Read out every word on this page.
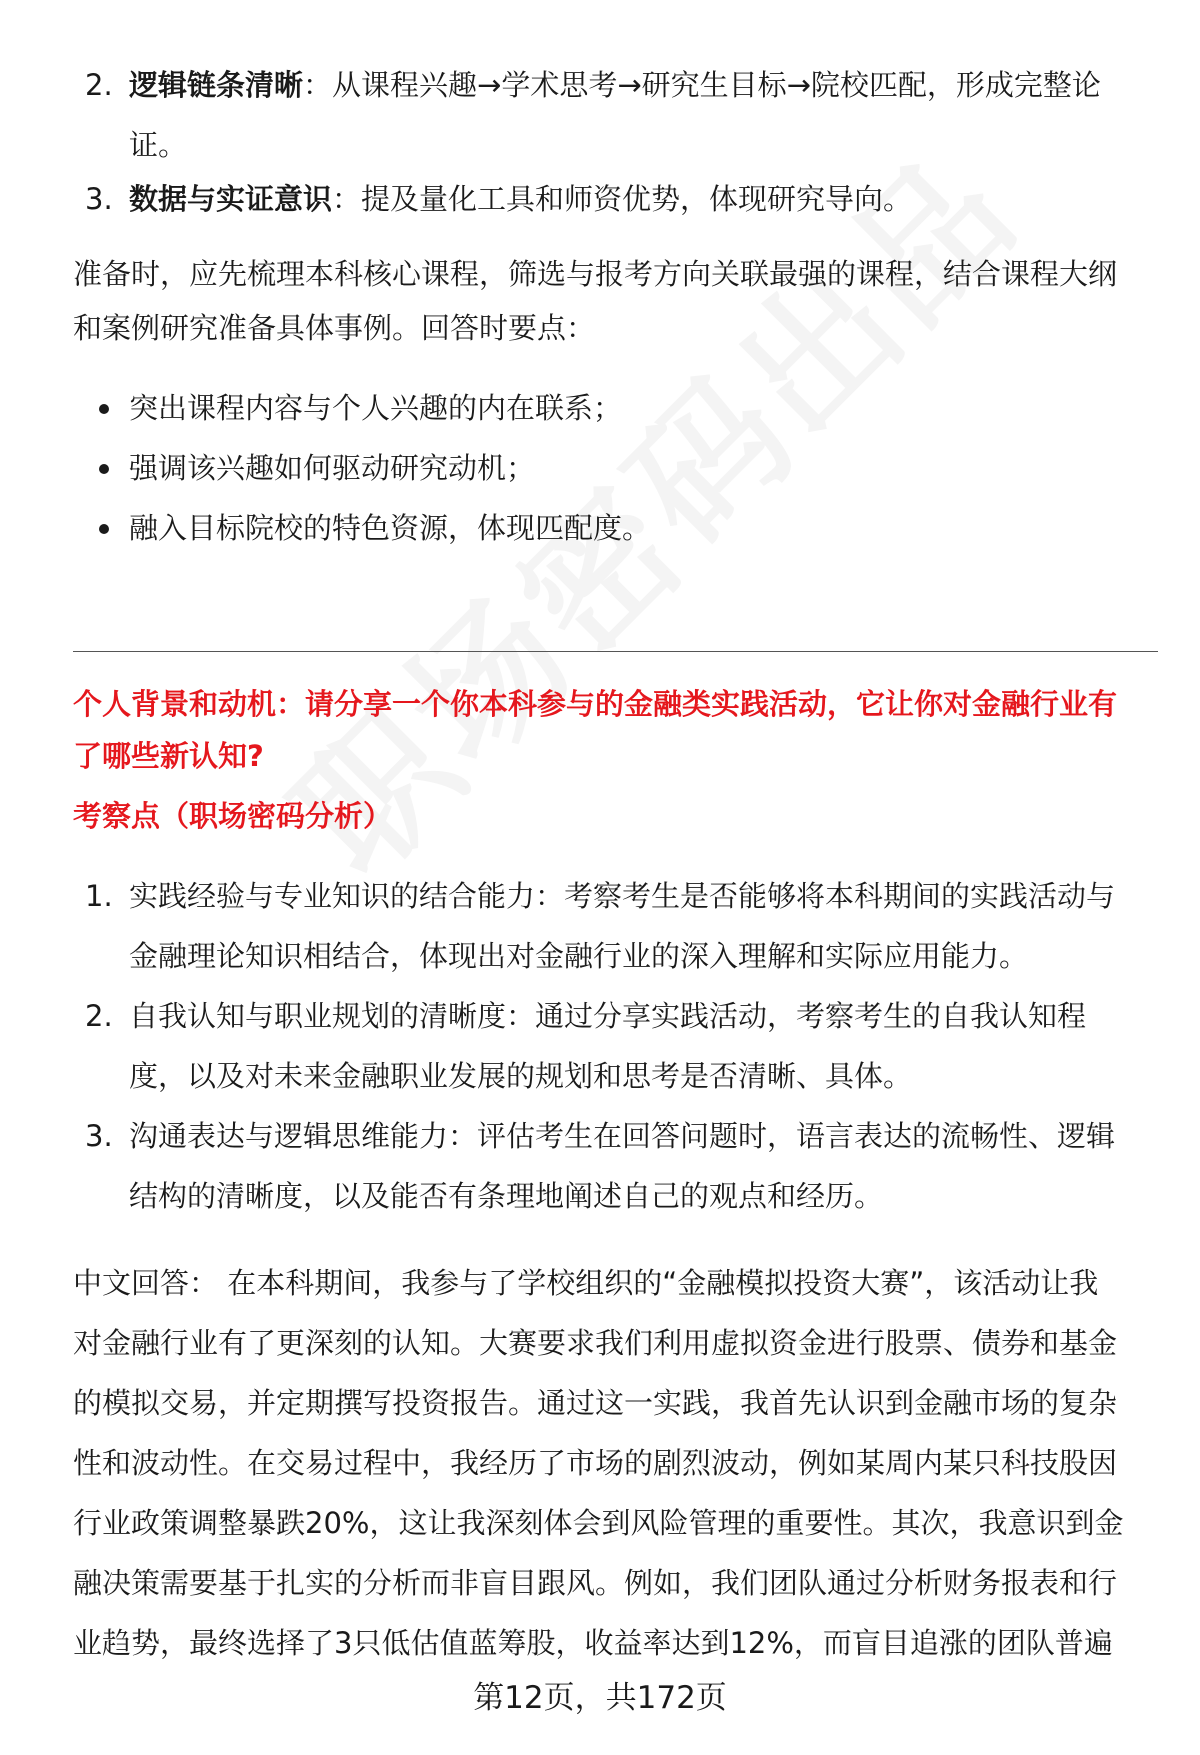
2. 逻辑链条清晰：从课程兴趣→学术思考→研究生目标→院校匹配，形成完整论
证。
3. 数据与实证意识：提及量化工具和师资优势，体现研究导向。

准备时，应先梳理本科核心课程，筛选与报考方向关联最强的课程，结合课程大纲

和案例研究准备具体事例。回答时要点：

突出课程内容与个人兴趣的内在联系；
强调该兴趣如何驱动研究动机；
融入目标院校的特色资源，体现匹配度。

个人背景和动机：请分享一个你本科参与的金融类实践活动，它让你对金融行业有

了哪些新认知?

考察点（职场密码分析）

1. 实践经验与专业知识的结合能力：考察考生是否能够将本科期间的实践活动与
金融理论知识相结合，体现出对金融行业的深入理解和实际应用能力。
2. 自我认知与职业规划的清晰度：通过分享实践活动，考察考生的自我认知程
度，以及对未来金融职业发展的规划和思考是否清晰、具体。
3. 沟通表达与逻辑思维能力：评估考生在回答问题时，语言表达的流畅性、逻辑
结构的清晰度，以及能否有条理地阐述自己的观点和经历。

中文回答： 在本科期间，我参与了学校组织的“金融模拟投资大赛”，该活动让我

对金融行业有了更深刻的认知。大赛要求我们利用虚拟资金进行股票、债券和基金

的模拟交易，并定期撰写投资报告。通过这一实践，我首先认识到金融市场的复杂

性和波动性。在交易过程中，我经历了市场的剧烈波动，例如某周内某只科技股因

行业政策调整暴跌20%，这让我深刻体会到风险管理的重要性。其次，我意识到金

融决策需要基于扎实的分析而非盲目跟风。例如，我们团队通过分析财务报表和行

业趋势，最终选择了3只低估值蓝筹股，收益率达到12%，而盲目追涨的团队普遍

第12页，共172页
